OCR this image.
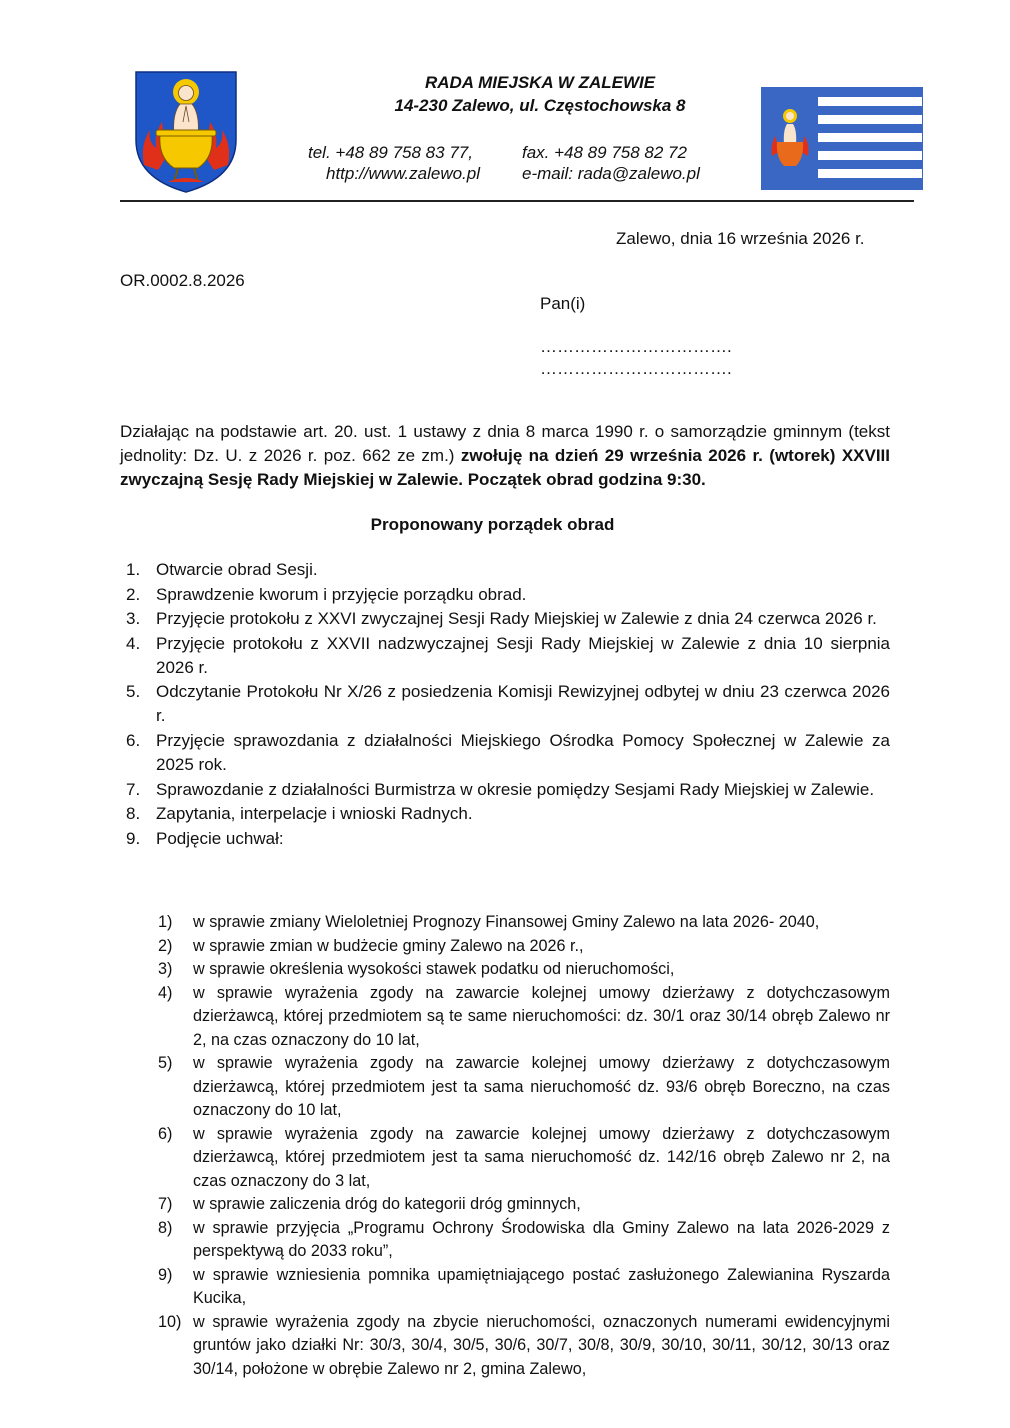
RADA MIEJSKA W ZALEWIE
14-230 Zalewo, ul. Częstochowska 8
tel. +48 89 758 83 77,	fax. +48 89 758 82 72
http://www.zalewo.pl e-mail: rada@zalewo.pl
Zalewo, dnia 16 września 2026 r.
OR.0002.8.2026
Pan(i)
…………………………….
…………………………….
Działając na podstawie art. 20. ust. 1 ustawy z dnia 8 marca 1990 r. o samorządzie gminnym (tekst jednolity: Dz. U. z 2026 r. poz. 662 ze zm.) zwołuję na dzień 29 września 2026 r. (wtorek) XXVIII zwyczajną Sesję Rady Miejskiej w Zalewie. Początek obrad godzina 9:30.
Proponowany porządek obrad
1. Otwarcie obrad Sesji.
2. Sprawdzenie kworum i przyjęcie porządku obrad.
3. Przyjęcie protokołu z XXVI zwyczajnej Sesji Rady Miejskiej w Zalewie z dnia 24 czerwca 2026 r.
4. Przyjęcie protokołu z XXVII nadzwyczajnej Sesji Rady Miejskiej w Zalewie z dnia 10 sierpnia 2026 r.
5. Odczytanie Protokołu Nr X/26 z posiedzenia Komisji Rewizyjnej odbytej w dniu 23 czerwca 2026 r.
6. Przyjęcie sprawozdania z działalności Miejskiego Ośrodka Pomocy Społecznej w Zalewie za 2025 rok.
7. Sprawozdanie z działalności Burmistrza w okresie pomiędzy Sesjami Rady Miejskiej w Zalewie.
8. Zapytania, interpelacje i wnioski Radnych.
9. Podjęcie uchwał:
1) w sprawie zmiany Wieloletniej Prognozy Finansowej Gminy Zalewo na lata 2026- 2040,
2) w sprawie zmian w budżecie gminy Zalewo na 2026 r.,
3) w sprawie określenia wysokości stawek podatku od nieruchomości,
4) w sprawie wyrażenia zgody na zawarcie kolejnej umowy dzierżawy z dotychczasowym dzierżawcą, której przedmiotem są te same nieruchomości: dz. 30/1 oraz 30/14 obręb Zalewo nr 2, na czas oznaczony do 10 lat,
5) w sprawie wyrażenia zgody na zawarcie kolejnej umowy dzierżawy z dotychczasowym dzierżawcą, której przedmiotem jest ta sama nieruchomość dz. 93/6 obręb Boreczno, na czas oznaczony do 10 lat,
6) w sprawie wyrażenia zgody na zawarcie kolejnej umowy dzierżawy z dotychczasowym dzierżawcą, której przedmiotem jest ta sama nieruchomość dz. 142/16 obręb Zalewo nr 2, na czas oznaczony do 3 lat,
7) w sprawie zaliczenia dróg do kategorii dróg gminnych,
8) w sprawie przyjęcia „Programu Ochrony Środowiska dla Gminy Zalewo na lata 2026-2029 z perspektywą do 2033 roku”,
9) w sprawie wzniesienia pomnika upamiętniającego postać zasłużonego Zalewianina Ryszarda Kucika,
10) w sprawie wyrażenia zgody na zbycie nieruchomości, oznaczonych numerami ewidencyjnymi gruntów jako działki Nr: 30/3, 30/4, 30/5, 30/6, 30/7, 30/8, 30/9, 30/10, 30/11, 30/12, 30/13 oraz 30/14, położone w obrębie Zalewo nr 2, gmina Zalewo,
